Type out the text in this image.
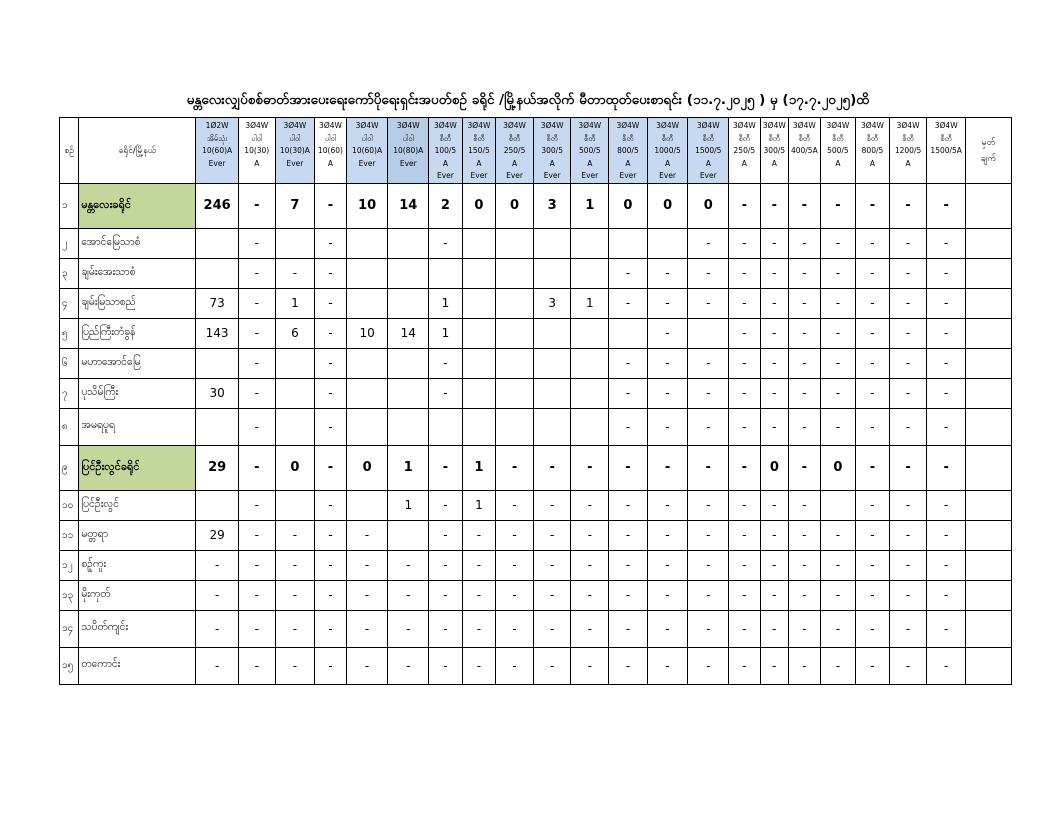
မန္တလေးလျှပ်စစ်ဓာတ်အားပေးရေးကော်ပိုရေးရှင်းအပတ်စဉ် ခရိုင် /မြို့နယ်အလိုက် မီတာထုတ်ပေးစာရင်း (၁၁.၇.၂၀၂၅ ) မှ (၁၇.၇.၂၀၂၅)ထိ
စဉ်	ခရိုင်/မြို့နယ်	1Ø2W
အိမ်သုံး
10(60)A
Ever	3Ø4W
ပါဝါ
10(30)
A	3Ø4W
ပါဝါ
10(30)A
Ever	3Ø4W
ပါဝါ
10(60)
A	3Ø4W
ပါဝါ
10(60)A
Ever	3Ø4W
ပါဝါ
10(80)A
Ever	3Ø4W
စီတီ
100/5
A
Ever	3Ø4W
စီတီ
150/5
A
Ever	3Ø4W
စီတီ
250/5
A
Ever	3Ø4W
စီတီ
300/5
A
Ever	3Ø4W
စီတီ
500/5
A
Ever	3Ø4W
စီတီ
800/5
A
Ever	3Ø4W
စီတီ
1000/5
A
Ever	3Ø4W
စီတီ
1500/5
A
Ever	3Ø4W
စီတီ
250/5
A	3Ø4W
စီတီ
300/5
A	3Ø4W
စီတီ
400/5A	3Ø4W
စီတီ
500/5
A	3Ø4W
စီတီ
800/5
A	3Ø4W
စီတီ
1200/5
A	3Ø4W
စီတီ
1500/5A	မှတ်
ချက်

၁	မန္တလေးခရိုင်	246	-	7	-	10	14	2	0	0	3	1	0	0	0	-	-	-	-	-	-	-	
၂	အောင်မြေသာစံ		-		-			-							-	-	-	-	-	-	-	-	
၃	ချမ်းအေးသာစံ		-	-	-								-	-	-	-	-	-	-	-	-	-	
၄	ချမ်းမြသာစည်	73	-	1	-			1			3	1	-	-	-	-	-	-	-	-	-	-	
၅	ပြည်ကြီးတံခွန်	143	-	6	-	10	14	1						-		-	-	-	-	-	-	-	
၆	မဟာအောင်မြေ		-		-			-					-	-	-	-	-	-	-	-	-	-	
၇	ပုသိမ်ကြီး	30	-		-			-					-	-	-	-	-	-	-	-	-	-	
၈	အမရပူရ		-		-								-	-	-	-	-	-	-	-	-	-	
၉	ပြင်ဦးလွင်ခရိုင်	29	-	0	-	0	1	-	1	-	-	-	-	-	-	-	0	-	0	-	-	-	
၁၀	ပြင်ဦးလွင်		-		-		1	-	1	-	-	-	-	-	-	-	-	-		-	-	-	
၁၁	မတ္တရာ	29	-	-	-	-		-	-	-	-	-	-	-	-	-	-	-	-	-	-	-	
၁၂	စဉ့်ကူး	-	-	-	-	-	-	-	-	-	-	-	-	-	-	-	-	-	-	-	-	-	
၁၃	မိုးကုတ်	-	-	-	-	-	-	-	-	-	-	-	-	-	-	-	-	-	-	-	-	-	
၁၄	သပိတ်ကျင်း	-	-	-	-	-	-	-	-	-	-	-	-	-	-	-	-	-	-	-	-	-	
၁၅	တကောင်း	-	-	-	-	-	-	-	-	-	-	-	-	-	-	-	-	-	-	-	-	-	
